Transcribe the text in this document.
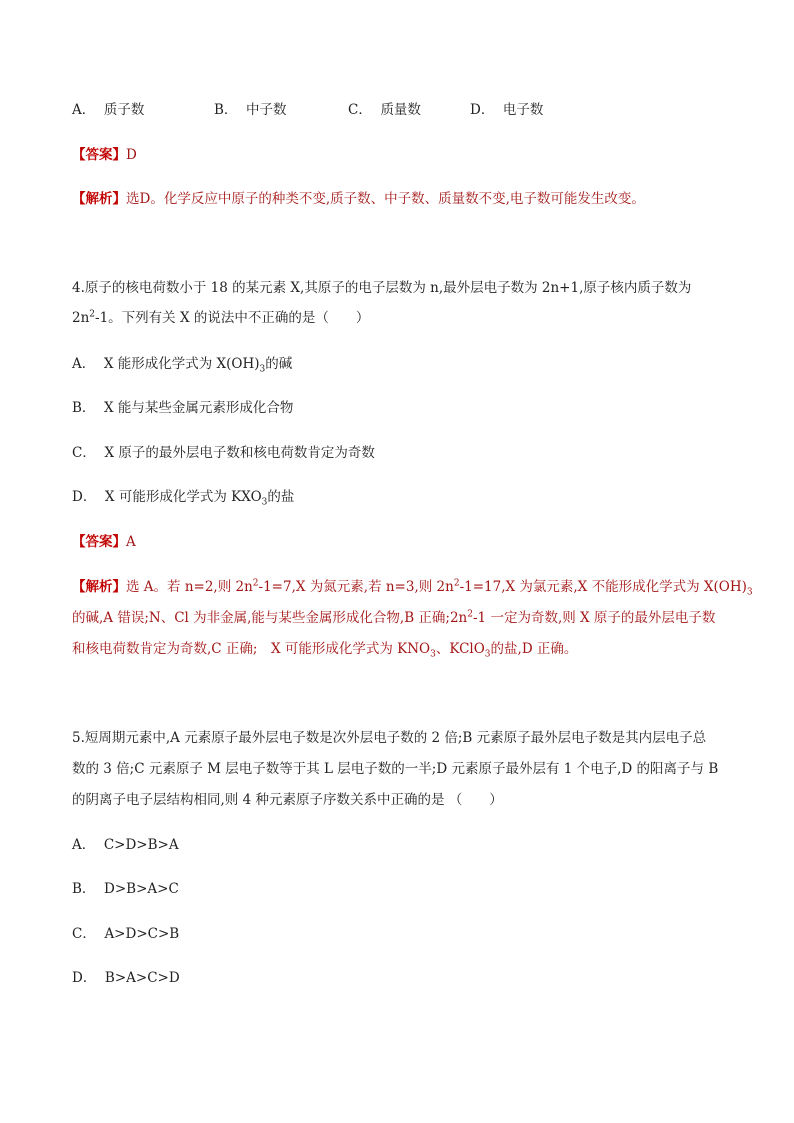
A． 质子数	B． 中子数	C． 质量数	D． 电子数
【答案】D
【解析】选D。化学反应中原子的种类不变,质子数、中子数、质量数不变,电子数可能发生改变。
4.原子的核电荷数小于 18 的某元素 X,其原子的电子层数为 n,最外层电子数为 2n+1,原子核内质子数为
$2n^2-1$。下列有关 X 的说法中不正确的是（　　）
A． X 能形成化学式为 $X(OH)_3$的碱
B． X 能与某些金属元素形成化合物
C． X 原子的最外层电子数和核电荷数肯定为奇数
D． X 可能形成化学式为 $KXO_3$的盐
【答案】A
【解析】选 A。若 n=2,则 $2n^2-1=7,X$ 为氮元素,若 n=3,则 $2n^2-1=17,X$ 为氯元素,X 不能形成化学式为 $X(OH)_3$
的碱,A 错误;N、Cl 为非金属,能与某些金属形成化合物,B 正确$;2n^2-1$ 一定为奇数,则 X 原子的最外层电子数
和核电荷数肯定为奇数,C 正确;　X 可能形成化学式为 $KNO_3$、KClO$_3$的盐,D 正确。
5.短周期元素中,A 元素原子最外层电子数是次外层电子数的 2 倍;B 元素原子最外层电子数是其内层电子总
数的 3 倍;C 元素原子 M 层电子数等于其 L 层电子数的一半;D 元素原子最外层有 1 个电子,D 的阳离子与 B
的阴离子电子层结构相同,则 4 种元素原子序数关系中正确的是 （　　）
A． C>D>B>A
B． D>B>A>C
C． A>D>C>B
D． B>A>C>D
